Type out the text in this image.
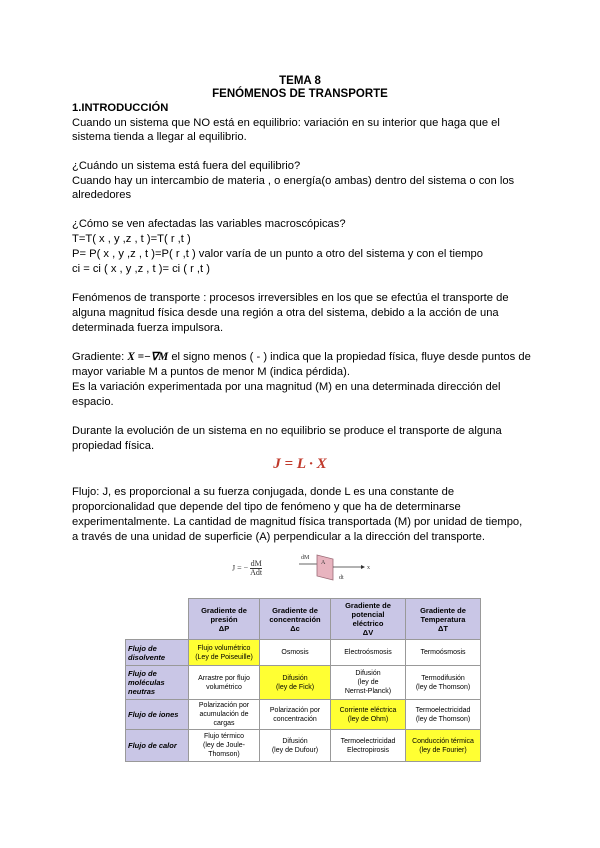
TEMA 8
FENÓMENOS DE TRANSPORTE
1.INTRODUCCIÓN
Cuando un sistema que NO está en equilibrio: variación en su interior que haga que el
sistema tienda a llegar al equilibrio.
¿Cuándo un sistema está fuera del equilibrio?
Cuando hay un intercambio de materia , o energía(o ambas) dentro del sistema o con los
alrededores
¿Cómo se ven afectadas las variables macroscópicas?
T=T( x , y ,z , t )=T( r ,t )
P= P( x , y ,z , t )=P( r ,t ) valor varía de un punto a otro del sistema y con el tiempo
ci = ci ( x , y ,z , t )= ci ( r ,t )
Fenómenos de transporte : procesos irreversibles en los que se efectúa el transporte de
alguna magnitud física desde una región a otra del sistema, debido a la acción de una
determinada fuerza impulsora.
Gradiente: X =−∇M el signo menos ( - ) indica que la propiedad física, fluye desde puntos de
mayor variable M a puntos de menor M (indica pérdida).
Es la variación experimentada por una magnitud (M) en una determinada dirección del
espacio.
Durante la evolución de un sistema en no equilibrio se produce el transporte de alguna
propiedad física.
J = L · X
Flujo: J, es proporcional a su fuerza conjugada, donde L es una constante de
proporcionalidad que depende del tipo de fenómeno y que ha de determinarse
experimentalmente. La cantidad de magnitud física transportada (M) por unidad de tiempo,
a través de una unidad de superficie (A) perpendicular a la dirección del transporte.
J = − dM
Adt
dM
A
x
dt
	Gradiente de
presión
ΔP	Gradiente de
concentración
Δc	Gradiente de
potencial
eléctrico
ΔV	Gradiente de
Temperatura
ΔT
Flujo de
disolvente	Flujo volumétrico
(Ley de Poiseuille)	Osmosis	Electroósmosis	Termoósmosis
Flujo de
moléculas
neutras	Arrastre por flujo
volumétrico	Difusión
(ley de Fick)	Difusión
(ley de
Nernst-Planck)	Termodifusión
(ley de Thomson)
Flujo de iones	Polarización por
acumulación de
cargas	Polarización por
concentración	Corriente eléctrica
(ley de Ohm)	Termoelectricidad
(ley de Thomson)
Flujo de calor	Flujo térmico
(ley de Joule-
Thomson)	Difusión
(ley de Dufour)	Termoelectricidad
Electropirosis	Conducción térmica
(ley de Fourier)
